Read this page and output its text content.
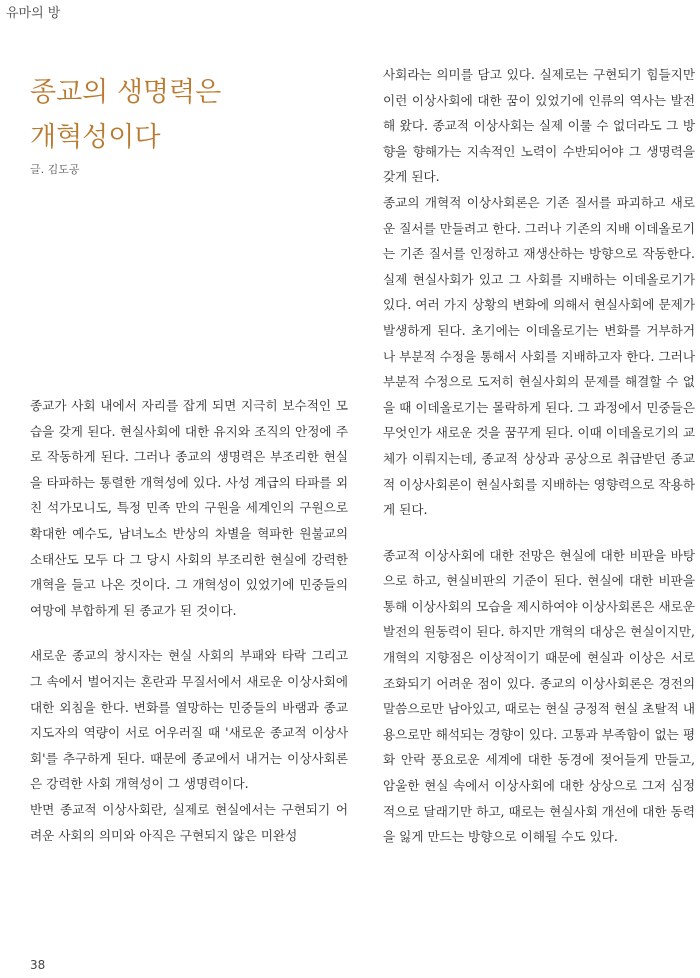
유마의 방
종교의 생명력은
개혁성이다
글. 김도공

종교가 사회 내에서 자리를 잡게 되면 지극히 보수적인 모습을 갖게 된다. 현실사회에 대한 유지와 조직의 안정에 주로 작동하게 된다. 그러나 종교의 생명력은 부조리한 현실을 타파하는 통렬한 개혁성에 있다. 사성 계급의 타파를 외친 석가모니도, 특정 민족 만의 구원을 세계인의 구원으로 확대한 예수도, 남녀노소 반상의 차별을 혁파한 원불교의 소태산도 모두 다 그 당시 사회의 부조리한 현실에 강력한 개혁을 들고 나온 것이다. 그 개혁성이 있었기에 민중들의 여망에 부합하게 된 종교가 된 것이다.

새로운 종교의 창시자는 현실 사회의 부패와 타락 그리고 그 속에서 벌어지는 혼란과 무질서에서 새로운 이상사회에 대한 외침을 한다. 변화를 열망하는 민중들의 바램과 종교 지도자의 역량이 서로 어우러질 때 '새로운 종교적 이상사회'를 추구하게 된다. 때문에 종교에서 내거는 이상사회론은 강력한 사회 개혁성이 그 생명력이다.

반면 종교적 이상사회란, 실제로 현실에서는 구현되기 어려운 사회의 의미와 아직은 구현되지 않은 미완성

사회라는 의미를 담고 있다. 실제로는 구현되기 힘들지만 이런 이상사회에 대한 꿈이 있었기에 인류의 역사는 발전해 왔다. 종교적 이상사회는 실제 이룰 수 없더라도 그 방향을 향해가는 지속적인 노력이 수반되어야 그 생명력을 갖게 된다.

종교의 개혁적 이상사회론은 기존 질서를 파괴하고 새로운 질서를 만들려고 한다. 그러나 기존의 지배 이데올로기는 기존 질서를 인정하고 재생산하는 방향으로 작동한다. 실제 현실사회가 있고 그 사회를 지배하는 이데올로기가 있다. 여러 가지 상황의 변화에 의해서 현실사회에 문제가 발생하게 된다. 초기에는 이데올로기는 변화를 거부하거나 부분적 수정을 통해서 사회를 지배하고자 한다. 그러나 부분적 수정으로 도저히 현실사회의 문제를 해결할 수 없을 때 이데올로기는 몰락하게 된다. 그 과정에서 민중들은 무엇인가 새로운 것을 꿈꾸게 된다. 이때 이데올로기의 교체가 이뤄지는데, 종교적 상상과 공상으로 취급받던 종교적 이상사회론이 현실사회를 지배하는 영향력으로 작용하게 된다.

종교적 이상사회에 대한 전망은 현실에 대한 비판을 바탕으로 하고, 현실비판의 기준이 된다. 현실에 대한 비판을 통해 이상사회의 모습을 제시하여야 이상사회론은 새로운 발전의 원동력이 된다. 하지만 개혁의 대상은 현실이지만, 개혁의 지향점은 이상적이기 때문에 현실과 이상은 서로 조화되기 어려운 점이 있다. 종교의 이상사회론은 경전의 말씀으로만 남아있고, 때로는 현실 긍정적 현실 초탈적 내용으로만 해석되는 경향이 있다. 고통과 부족함이 없는 평화 안락 풍요로운 세계에 대한 동경에 젖어들게 만들고, 암울한 현실 속에서 이상사회에 대한 상상으로 그저 심정적으로 달래기만 하고, 때로는 현실사회 개선에 대한 동력을 잃게 만드는 방향으로 이해될 수도 있다.

38
